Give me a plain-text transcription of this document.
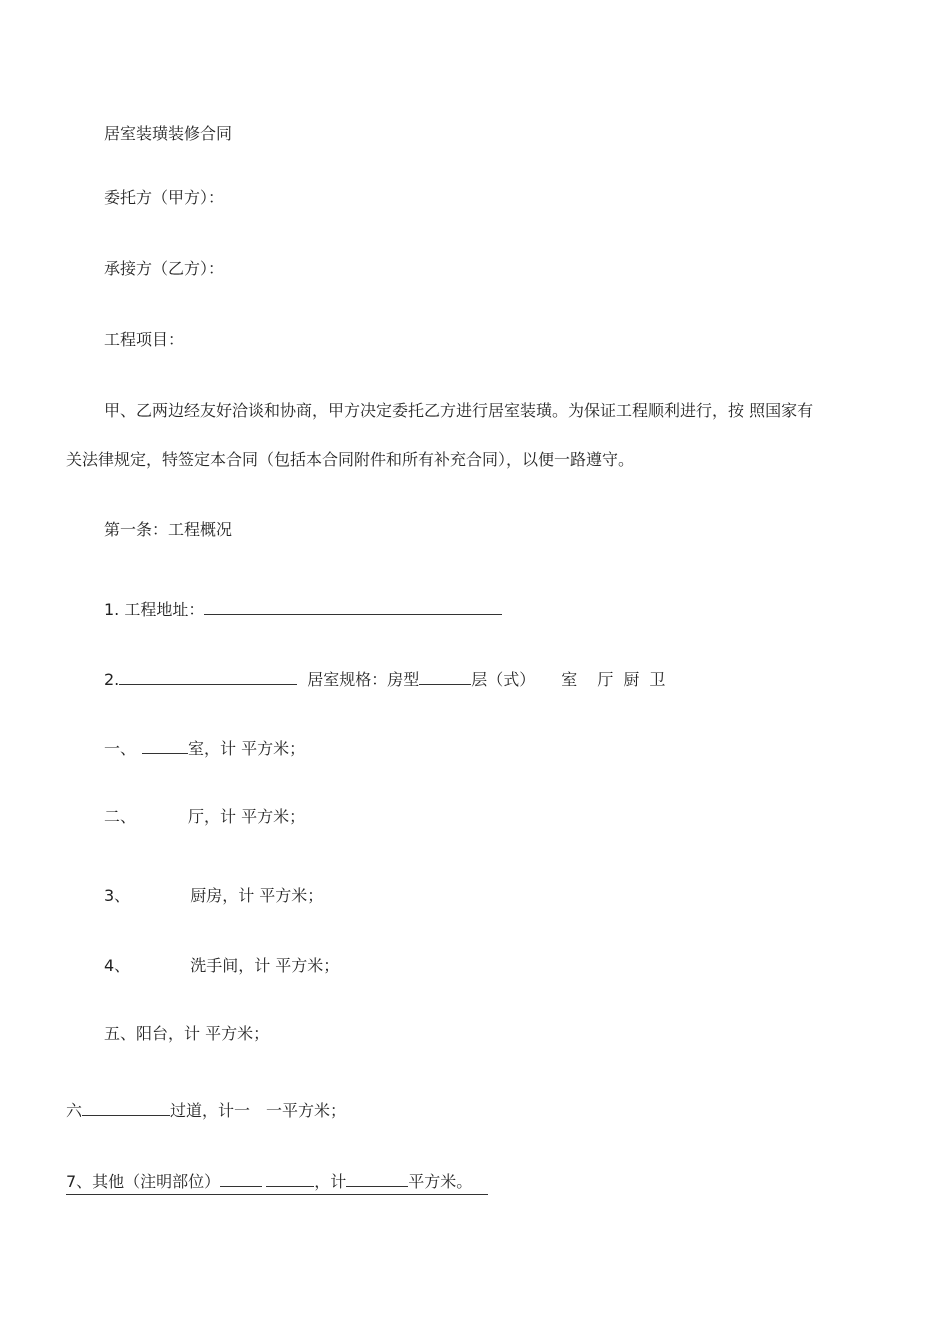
居室装璜装修合同
委托方（甲方）：
承接方（乙方）：
工程项目：
甲、乙两边经友好洽谈和协商，甲方决定委托乙方进行居室装璜。为保证工程顺利进行，按 照国家有
关法律规定，特签定本合同（包括本合同附件和所有补充合同），以便一路遵守。
第一条：工程概况
1. 工程地址：
2.	居室规格：房型	层（式） 室 厅 厨 卫
一、	室，计 平方米；
二、	厅，计 平方米；
3、	厨房，计 平方米；
4、	洗手间，计 平方米；
五、阳台，计 平方米；
六	过道，计一 一平方米；
7、其他（注明部位）	，计	平方米。
